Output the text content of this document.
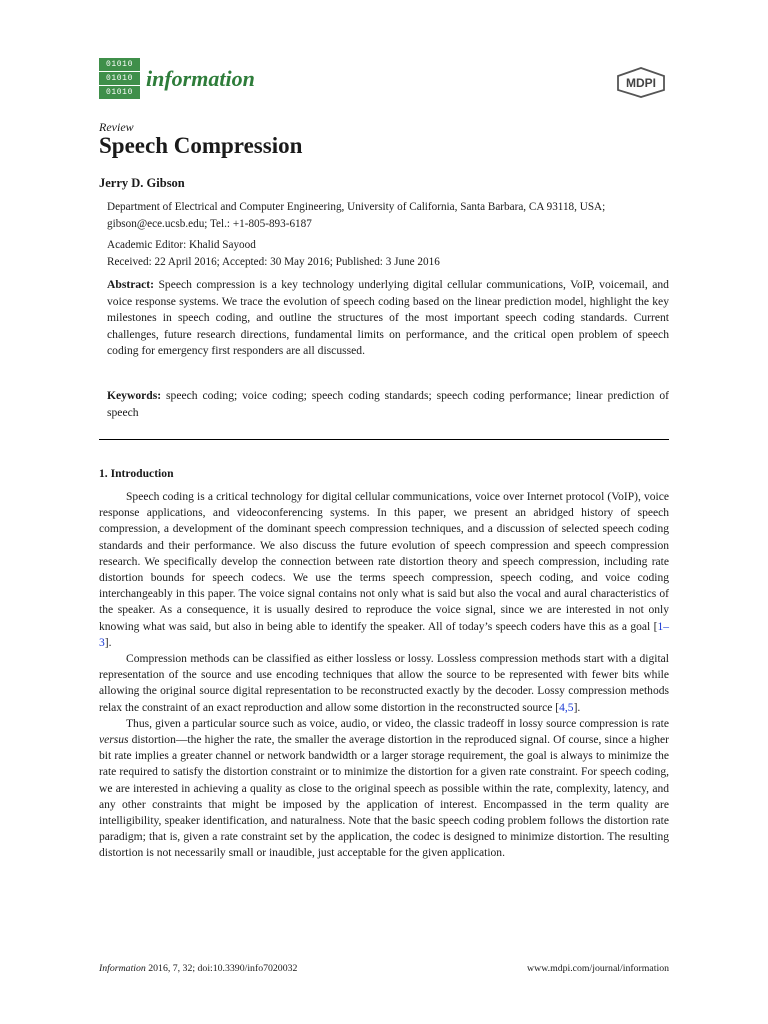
01010
01010
01010
information	MDPI
Review
Speech Compression
Jerry D. Gibson
Department of Electrical and Computer Engineering, University of California, Santa Barbara, CA 93118, USA;
gibson@ece.ucsb.edu; Tel.: +1-805-893-6187
Academic Editor: Khalid Sayood
Received: 22 April 2016; Accepted: 30 May 2016; Published: 3 June 2016
Abstract: Speech compression is a key technology underlying digital cellular communications, VoIP, voicemail, and voice response systems. We trace the evolution of speech coding based on the linear prediction model, highlight the key milestones in speech coding, and outline the structures of the most important speech coding standards. Current challenges, future research directions, fundamental limits on performance, and the critical open problem of speech coding for emergency first responders are all discussed.
Keywords: speech coding; voice coding; speech coding standards; speech coding performance; linear prediction of speech
1. Introduction

Speech coding is a critical technology for digital cellular communications, voice over Internet protocol (VoIP), voice response applications, and videoconferencing systems. In this paper, we present an abridged history of speech compression, a development of the dominant speech compression techniques, and a discussion of selected speech coding standards and their performance. We also discuss the future evolution of speech compression and speech compression research. We specifically develop the connection between rate distortion theory and speech compression, including rate distortion bounds for speech codecs. We use the terms speech compression, speech coding, and voice coding interchangeably in this paper. The voice signal contains not only what is said but also the vocal and aural characteristics of the speaker. As a consequence, it is usually desired to reproduce the voice signal, since we are interested in not only knowing what was said, but also in being able to identify the speaker. All of today’s speech coders have this as a goal [1–3].

Compression methods can be classified as either lossless or lossy. Lossless compression methods start with a digital representation of the source and use encoding techniques that allow the source to be represented with fewer bits while allowing the original source digital representation to be reconstructed exactly by the decoder. Lossy compression methods relax the constraint of an exact reproduction and allow some distortion in the reconstructed source [4,5].

Thus, given a particular source such as voice, audio, or video, the classic tradeoff in lossy source compression is rate versus distortion—the higher the rate, the smaller the average distortion in the reproduced signal. Of course, since a higher bit rate implies a greater channel or network bandwidth or a larger storage requirement, the goal is always to minimize the rate required to satisfy the distortion constraint or to minimize the distortion for a given rate constraint. For speech coding, we are interested in achieving a quality as close to the original speech as possible within the rate, complexity, latency, and any other constraints that might be imposed by the application of interest. Encompassed in the term quality are intelligibility, speaker identification, and naturalness. Note that the basic speech coding problem follows the distortion rate paradigm; that is, given a rate constraint set by the application, the codec is designed to minimize distortion. The resulting distortion is not necessarily small or inaudible, just acceptable for the given application.

Information 2016, 7, 32; doi:10.3390/info7020032	www.mdpi.com/journal/information
